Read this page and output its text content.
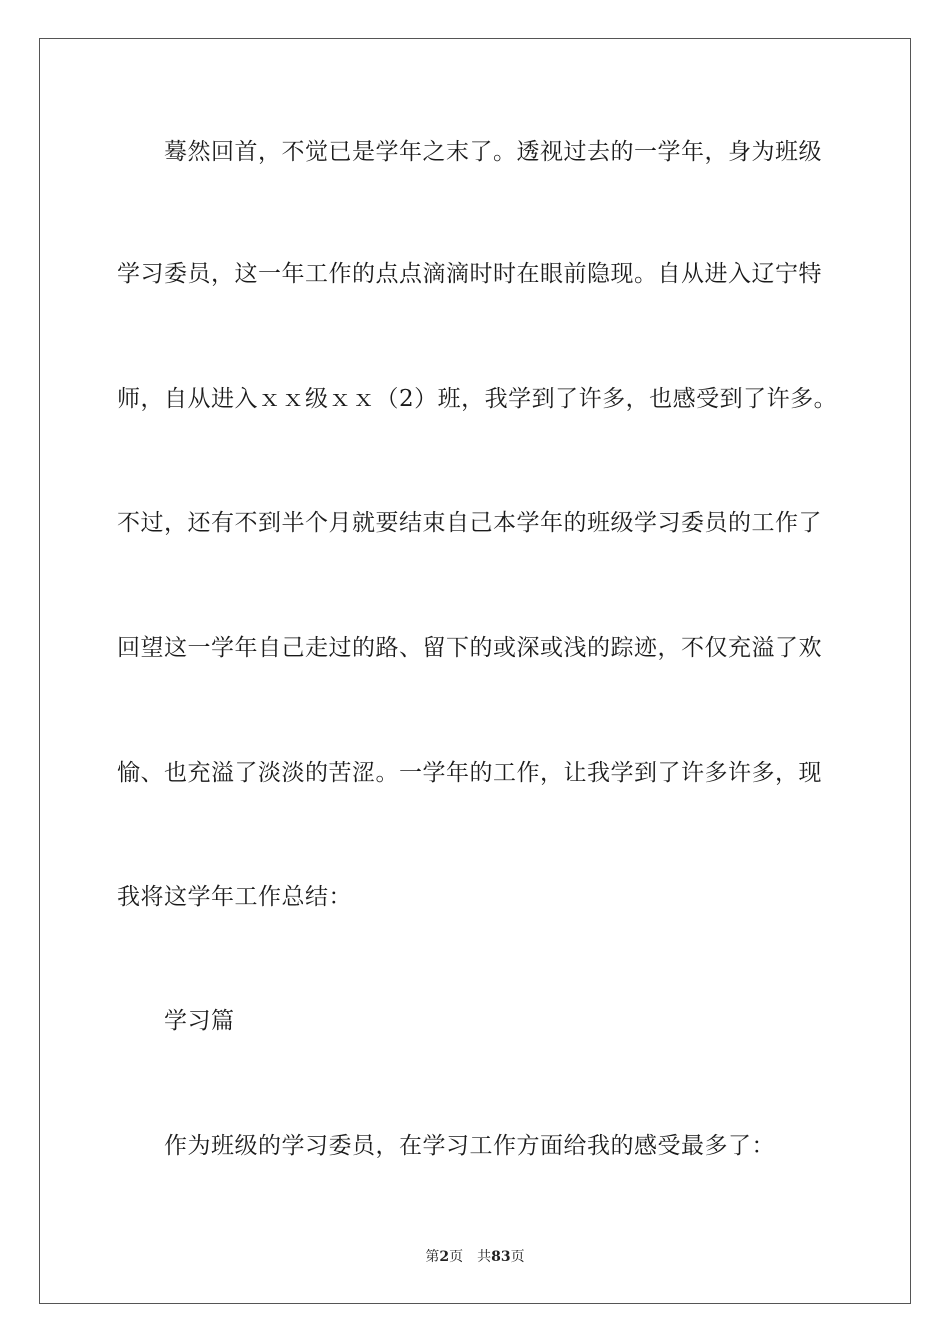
蓦然回首，不觉已是学年之末了。透视过去的一学年，身为班级
学习委员，这一年工作的点点滴滴时时在眼前隐现。自从进入辽宁特
师，自从进入ｘｘ级ｘｘ（2）班，我学到了许多，也感受到了许多。
不过，还有不到半个月就要结束自己本学年的班级学习委员的工作了
回望这一学年自己走过的路、留下的或深或浅的踪迹，不仅充溢了欢
愉、也充溢了淡淡的苦涩。一学年的工作，让我学到了许多许多，现
我将这学年工作总结：
学习篇
作为班级的学习委员，在学习工作方面给我的感受最多了：
第2页 共83页
